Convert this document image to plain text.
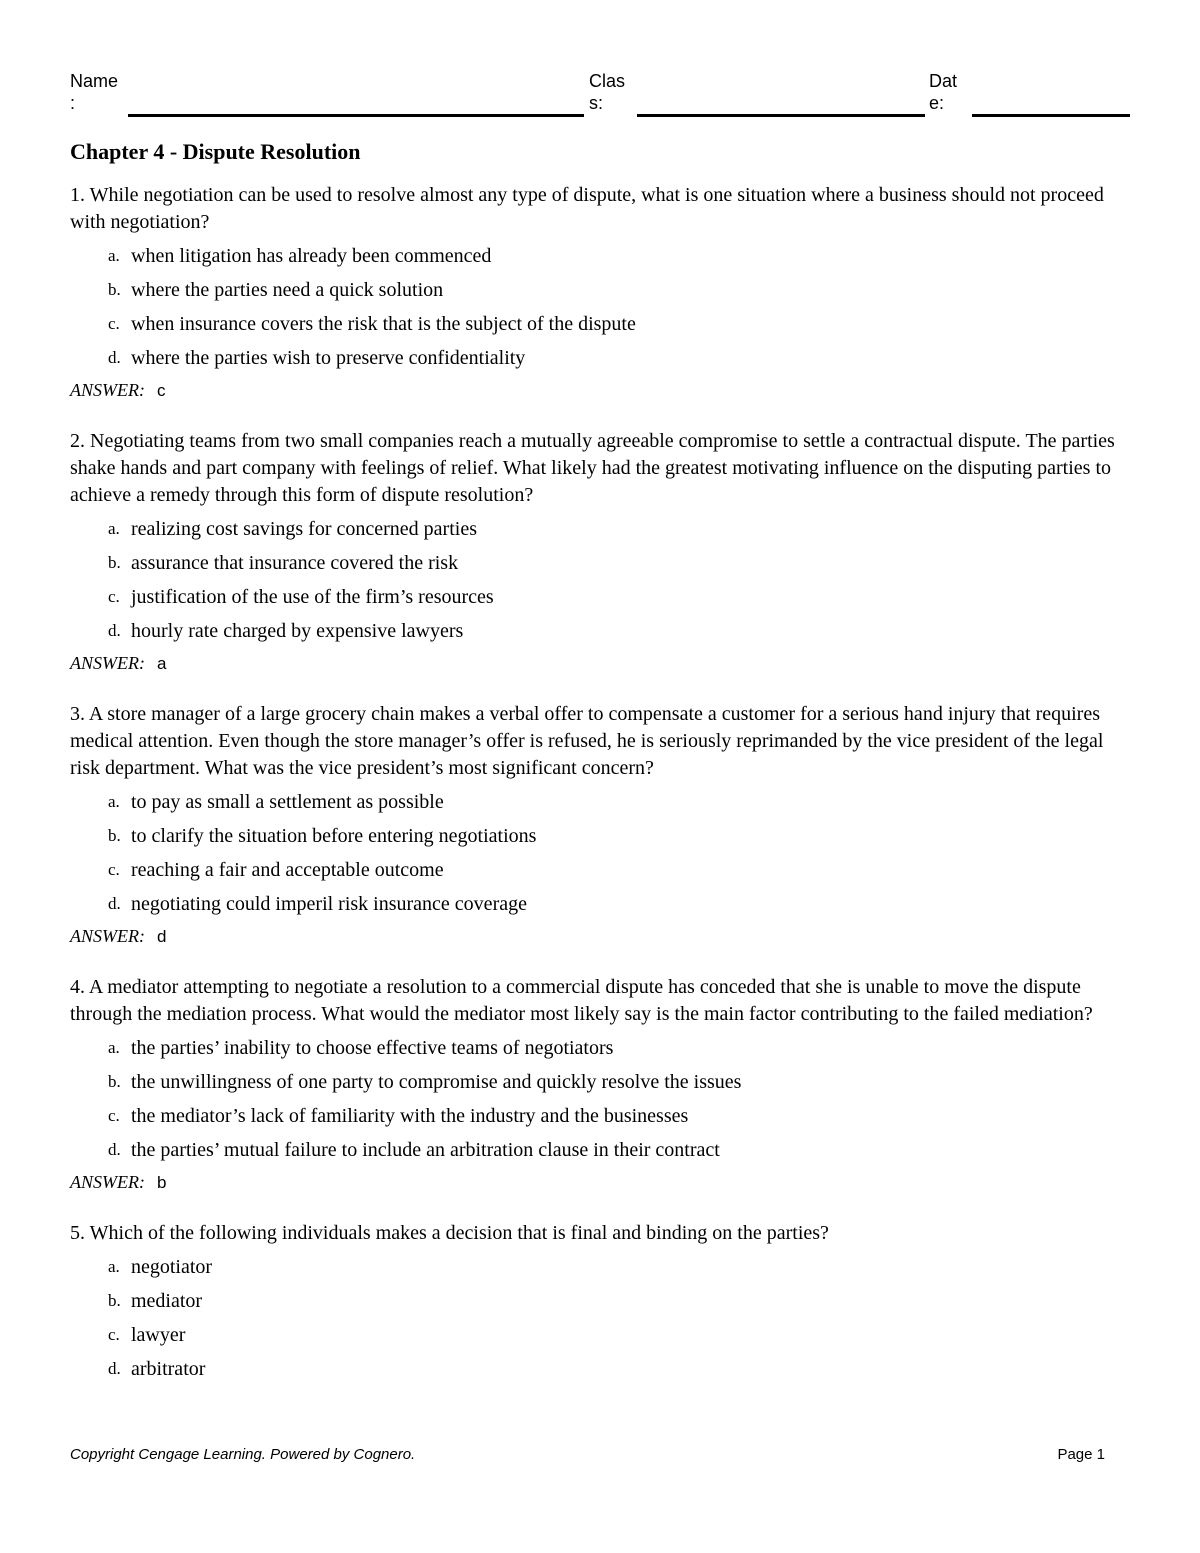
Name
:
Clas
s:
Dat
e:
Chapter 4 - Dispute Resolution
1. While negotiation can be used to resolve almost any type of dispute, what is one situation where a business should not proceed with negotiation?
a. when litigation has already been commenced
b. where the parties need a quick solution
c. when insurance covers the risk that is the subject of the dispute
d. where the parties wish to preserve confidentiality
ANSWER: c
2. Negotiating teams from two small companies reach a mutually agreeable compromise to settle a contractual dispute. The parties shake hands and part company with feelings of relief. What likely had the greatest motivating influence on the disputing parties to achieve a remedy through this form of dispute resolution?
a. realizing cost savings for concerned parties
b. assurance that insurance covered the risk
c. justification of the use of the firm’s resources
d. hourly rate charged by expensive lawyers
ANSWER: a
3. A store manager of a large grocery chain makes a verbal offer to compensate a customer for a serious hand injury that requires medical attention. Even though the store manager’s offer is refused, he is seriously reprimanded by the vice president of the legal risk department. What was the vice president’s most significant concern?
a. to pay as small a settlement as possible
b. to clarify the situation before entering negotiations
c. reaching a fair and acceptable outcome
d. negotiating could imperil risk insurance coverage
ANSWER: d
4. A mediator attempting to negotiate a resolution to a commercial dispute has conceded that she is unable to move the dispute through the mediation process. What would the mediator most likely say is the main factor contributing to the failed mediation?
a. the parties’ inability to choose effective teams of negotiators
b. the unwillingness of one party to compromise and quickly resolve the issues
c. the mediator’s lack of familiarity with the industry and the businesses
d. the parties’ mutual failure to include an arbitration clause in their contract
ANSWER: b
5. Which of the following individuals makes a decision that is final and binding on the parties?
a. negotiator
b. mediator
c. lawyer
d. arbitrator
Copyright Cengage Learning. Powered by Cognero.	Page 1
